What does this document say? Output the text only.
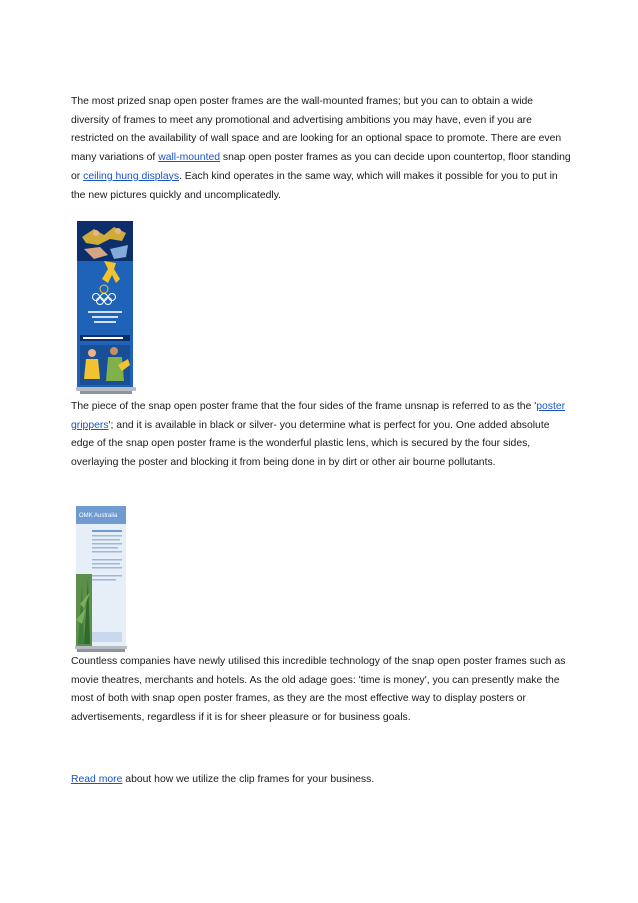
The most prized snap open poster frames are the wall-mounted frames; but you can to obtain a wide diversity of frames to meet any promotional and advertising ambitions you may have, even if you are restricted on the availability of wall space and are looking for an optional space to promote. There are even many variations of wall-mounted snap open poster frames as you can decide upon countertop, floor standing or ceiling hung displays. Each kind operates in the same way, which will makes it possible for you to put in the new pictures quickly and uncomplicatedly.

The piece of the snap open poster frame that the four sides of the frame unsnap is referred to as the 'poster grippers'; and it is available in black or silver- you determine what is perfect for you. One added absolute edge of the snap open poster frame is the wonderful plastic lens, which is secured by the four sides, overlaying the poster and blocking it from being done in by dirt or other air bourne pollutants.

OMK Australia

Countless companies have newly utilised this incredible technology of the snap open poster frames such as movie theatres, merchants and hotels. As the old adage goes: 'time is money', you can presently make the most of both with snap open poster frames, as they are the most effective way to display posters or advertisements, regardless if it is for sheer pleasure or for business goals.

Read more about how we utilize the clip frames for your business.
